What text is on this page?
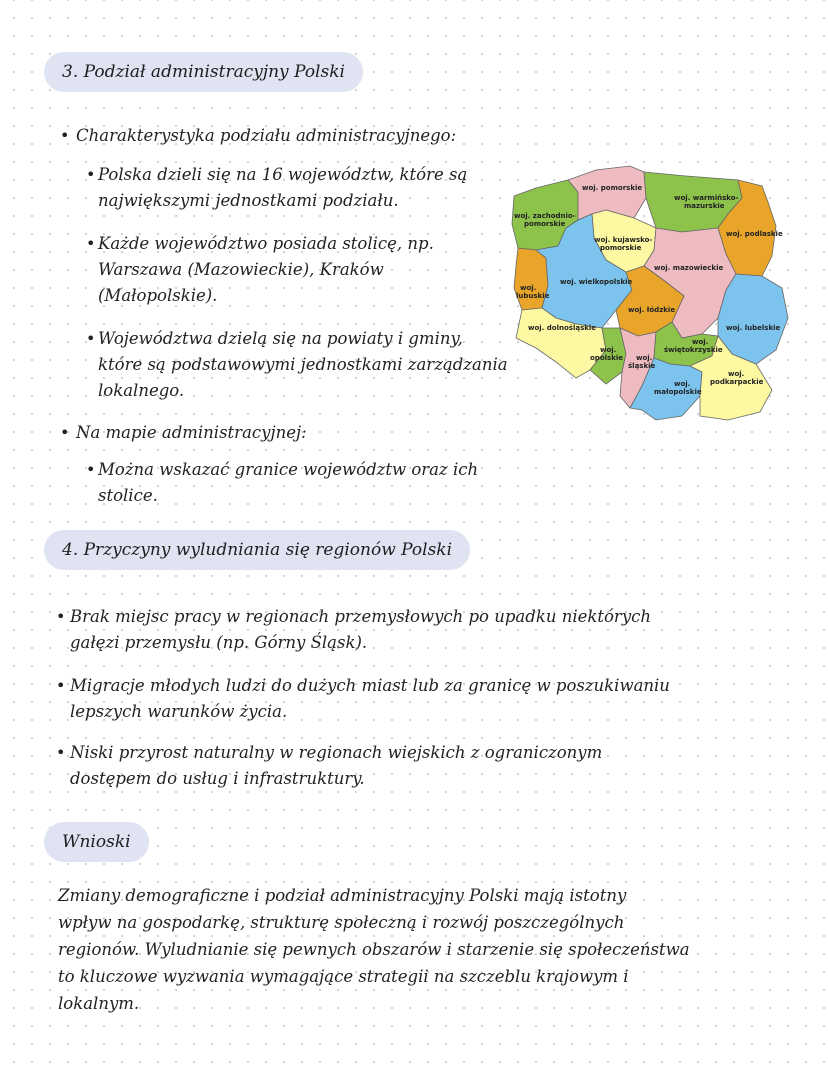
3. Podział administracyjny Polski
• Charakterystyka podziału administracyjnego:

• Polska dzieli się na 16 województw, które są największymi jednostkami podziału.

• Każde województwo posiada stolicę, np. Warszawa (Mazowieckie), Kraków (Małopolskie).

• Województwa dzielą się na powiaty i gminy, które są podstawowymi jednostkami zarządzania lokalnego.

• Na mapie administracyjnej:

• Można wskazać granice województw oraz ich stolice.

woj. pomorskie
woj. warmińsko-
mazurskie
woj. zachodnio-
pomorskie
woj. kujawsko-
pomorskie
woj. podlaskie
woj. mazowieckie
woj. wielkopolskie
woj.
lubuskie
woj. łódzkie
woj. dolnośląskie	woj. lubelskie
woj.
opolskie woj.
śląskie
woj.
świętokrzyskie
woj.
małopolskie
woj.
podkarpackie
4. Przyczyny wyludniania się regionów Polski
• Brak miejsc pracy w regionach przemysłowych po upadku niektórych
gałęzi przemysłu (np. Górny Śląsk).
• Migracje młodych ludzi do dużych miast lub za granicę w poszukiwaniu
lepszych warunków życia.
• Niski przyrost naturalny w regionach wiejskich z ograniczonym
dostępem do usług i infrastruktury.
Wnioski
Zmiany demograficzne i podział administracyjny Polski mają istotny
wpływ na gospodarkę, strukturę społeczną i rozwój poszczególnych
regionów. Wyludnianie się pewnych obszarów i starzenie się społeczeństwa
to kluczowe wyzwania wymagające strategii na szczeblu krajowym i
lokalnym.
